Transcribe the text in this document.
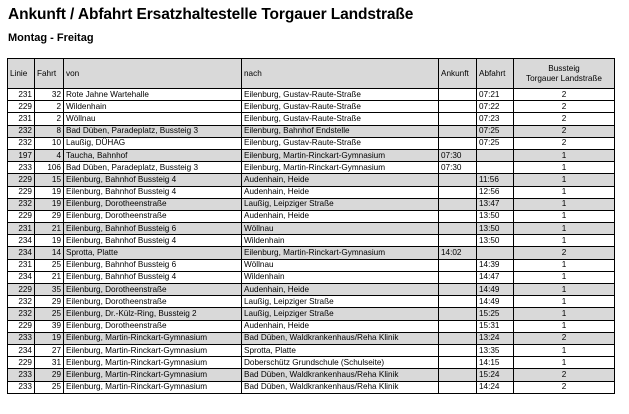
Ankunft / Abfahrt Ersatzhaltestelle Torgauer Landstraße
Montag - Freitag
Linie	Fahrt	von	nach	Ankunft	Abfahrt	Bussteig
Torgauer Landstraße

231	32	Rote Jahne Wartehalle	Eilenburg, Gustav-Raute-Straße		07:21	2
229	2	Wildenhain	Eilenburg, Gustav-Raute-Straße		07:22	2
231	2	Wöllnau	Eilenburg, Gustav-Raute-Straße		07:23	2
232	8	Bad Düben, Paradeplatz, Bussteig 3	Eilenburg, Bahnhof Endstelle		07:25	2
232	10	Laußig, DÜHAG	Eilenburg, Gustav-Raute-Straße		07:25	2
197	4	Taucha, Bahnhof	Eilenburg, Martin-Rinckart-Gymnasium	07:30		1
233	106	Bad Düben, Paradeplatz, Bussteig 3	Eilenburg, Martin-Rinckart-Gymnasium	07:30		1
229	15	Eilenburg, Bahnhof Bussteig 4	Audenhain, Heide		11:56	1
229	19	Eilenburg, Bahnhof Bussteig 4	Audenhain, Heide		12:56	1
232	19	Eilenburg, Dorotheenstraße	Laußig, Leipziger Straße		13:47	1
229	29	Eilenburg, Dorotheenstraße	Audenhain, Heide		13:50	1
231	21	Eilenburg, Bahnhof Bussteig 6	Wöllnau		13:50	1
234	19	Eilenburg, Bahnhof Bussteig 4	Wildenhain		13:50	1
234	14	Sprotta, Platte	Eilenburg, Martin-Rinckart-Gymnasium	14:02		2
231	25	Eilenburg, Bahnhof Bussteig 6	Wöllnau		14:39	1
234	21	Eilenburg, Bahnhof Bussteig 4	Wildenhain		14:47	1
229	35	Eilenburg, Dorotheenstraße	Audenhain, Heide		14:49	1
232	29	Eilenburg, Dorotheenstraße	Laußig, Leipziger Straße		14:49	1
232	25	Eilenburg, Dr.-Külz-Ring, Bussteig 2	Laußig, Leipziger Straße		15:25	1
229	39	Eilenburg, Dorotheenstraße	Audenhain, Heide		15:31	1
233	19	Eilenburg, Martin-Rinckart-Gymnasium	Bad Düben, Waldkrankenhaus/Reha Klinik		13:24	2
234	27	Eilenburg, Martin-Rinckart-Gymnasium	Sprotta, Platte		13:35	1
229	31	Eilenburg, Martin-Rinckart-Gymnasium	Doberschütz Grundschule (Schulseite)		14:15	1
233	29	Eilenburg, Martin-Rinckart-Gymnasium	Bad Düben, Waldkrankenhaus/Reha Klinik		15:24	2
233	25	Eilenburg, Martin-Rinckart-Gymnasium	Bad Düben, Waldkrankenhaus/Reha Klinik		14:24	2
